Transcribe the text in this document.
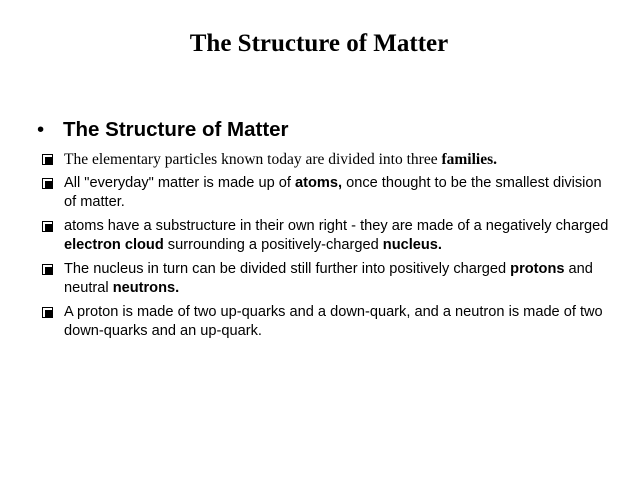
The Structure of Matter
• The Structure of Matter
The elementary particles known today are divided into three families.
All "everyday" matter is made up of atoms, once thought to be the smallest division of matter.
atoms have a substructure in their own right - they are made of a negatively charged electron cloud surrounding a positively-charged nucleus.
The nucleus in turn can be divided still further into positively charged protons and neutral neutrons.
A proton is made of two up-quarks and a down-quark, and a neutron is made of two down-quarks and an up-quark.
